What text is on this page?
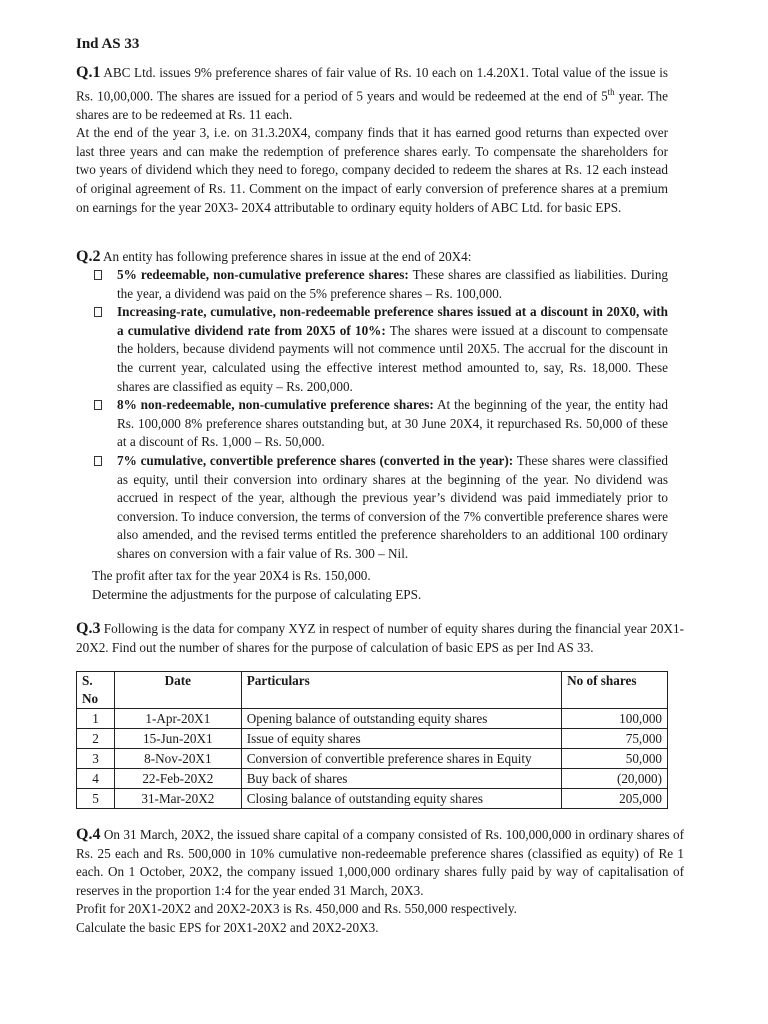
Ind AS 33
Q.1 ABC Ltd. issues 9% preference shares of fair value of Rs. 10 each on 1.4.20X1. Total value of the issue is Rs. 10,00,000. The shares are issued for a period of 5 years and would be redeemed at the end of 5th year. The shares are to be redeemed at Rs. 11 each.
At the end of the year 3, i.e. on 31.3.20X4, company finds that it has earned good returns than expected over last three years and can make the redemption of preference shares early. To compensate the shareholders for two years of dividend which they need to forego, company decided to redeem the shares at Rs. 12 each instead of original agreement of Rs. 11. Comment on the impact of early conversion of preference shares at a premium on earnings for the year 20X3- 20X4 attributable to ordinary equity holders of ABC Ltd. for basic EPS.
Q.2 An entity has following preference shares in issue at the end of 20X4:
5% redeemable, non-cumulative preference shares: These shares are classified as liabilities. During the year, a dividend was paid on the 5% preference shares – Rs. 100,000.
Increasing-rate, cumulative, non-redeemable preference shares issued at a discount in 20X0, with a cumulative dividend rate from 20X5 of 10%: The shares were issued at a discount to compensate the holders, because dividend payments will not commence until 20X5. The accrual for the discount in the current year, calculated using the effective interest method amounted to, say, Rs. 18,000. These shares are classified as equity – Rs. 200,000.
8% non-redeemable, non-cumulative preference shares: At the beginning of the year, the entity had Rs. 100,000 8% preference shares outstanding but, at 30 June 20X4, it repurchased Rs. 50,000 of these at a discount of Rs. 1,000 – Rs. 50,000.
7% cumulative, convertible preference shares (converted in the year): These shares were classified as equity, until their conversion into ordinary shares at the beginning of the year. No dividend was accrued in respect of the year, although the previous year’s dividend was paid immediately prior to conversion. To induce conversion, the terms of conversion of the 7% convertible preference shares were also amended, and the revised terms entitled the preference shareholders to an additional 100 ordinary shares on conversion with a fair value of Rs. 300 – Nil.
The profit after tax for the year 20X4 is Rs. 150,000.
Determine the adjustments for the purpose of calculating EPS.
Q.3 Following is the data for company XYZ in respect of number of equity shares during the financial year 20X1-20X2. Find out the number of shares for the purpose of calculation of basic EPS as per Ind AS 33.
S. No	Date	Particulars	No of shares
1	1-Apr-20X1	Opening balance of outstanding equity shares	100,000
2	15-Jun-20X1	Issue of equity shares	75,000
3	8-Nov-20X1	Conversion of convertible preference shares in Equity	50,000
4	22-Feb-20X2	Buy back of shares	(20,000)
5	31-Mar-20X2	Closing balance of outstanding equity shares	205,000
Q.4 On 31 March, 20X2, the issued share capital of a company consisted of Rs. 100,000,000 in ordinary shares of Rs. 25 each and Rs. 500,000 in 10% cumulative non-redeemable preference shares (classified as equity) of Re 1 each. On 1 October, 20X2, the company issued 1,000,000 ordinary shares fully paid by way of capitalisation of reserves in the proportion 1:4 for the year ended 31 March, 20X3.
Profit for 20X1-20X2 and 20X2-20X3 is Rs. 450,000 and Rs. 550,000 respectively.
Calculate the basic EPS for 20X1-20X2 and 20X2-20X3.
